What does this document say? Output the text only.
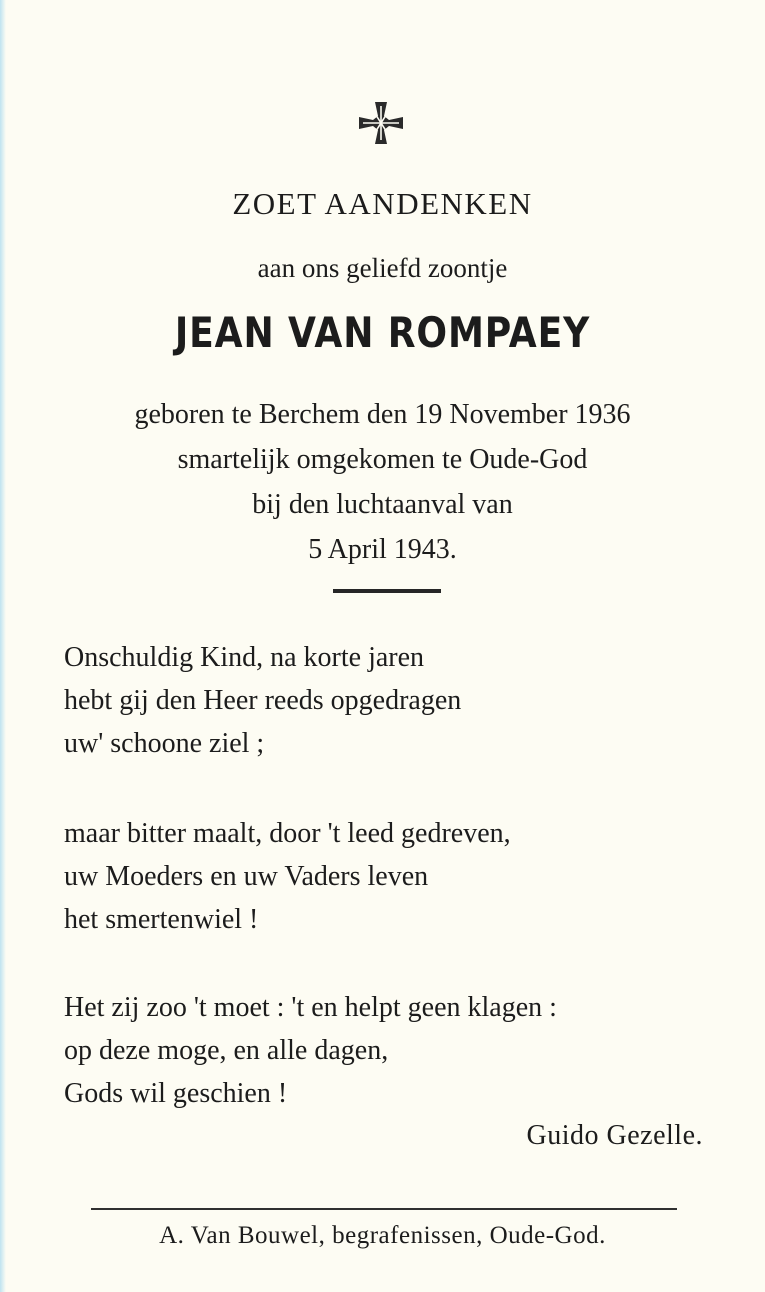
ZOET AANDENKEN
aan ons geliefd zoontje
JEAN VAN ROMPAEY
geboren te Berchem den 19 November 1936
smartelijk omgekomen te Oude-God
bij den luchtaanval van
5 April 1943.
Onschuldig Kind, na korte jaren
hebt gij den Heer reeds opgedragen
uw' schoone ziel ;
maar bitter maalt, door 't leed gedreven,
uw Moeders en uw Vaders leven
het smertenwiel !
Het zij zoo 't moet : 't en helpt geen klagen :
op deze moge, en alle dagen,
Gods wil geschien !
Guido Gezelle.
A. Van Bouwel, begrafenissen, Oude-God.
